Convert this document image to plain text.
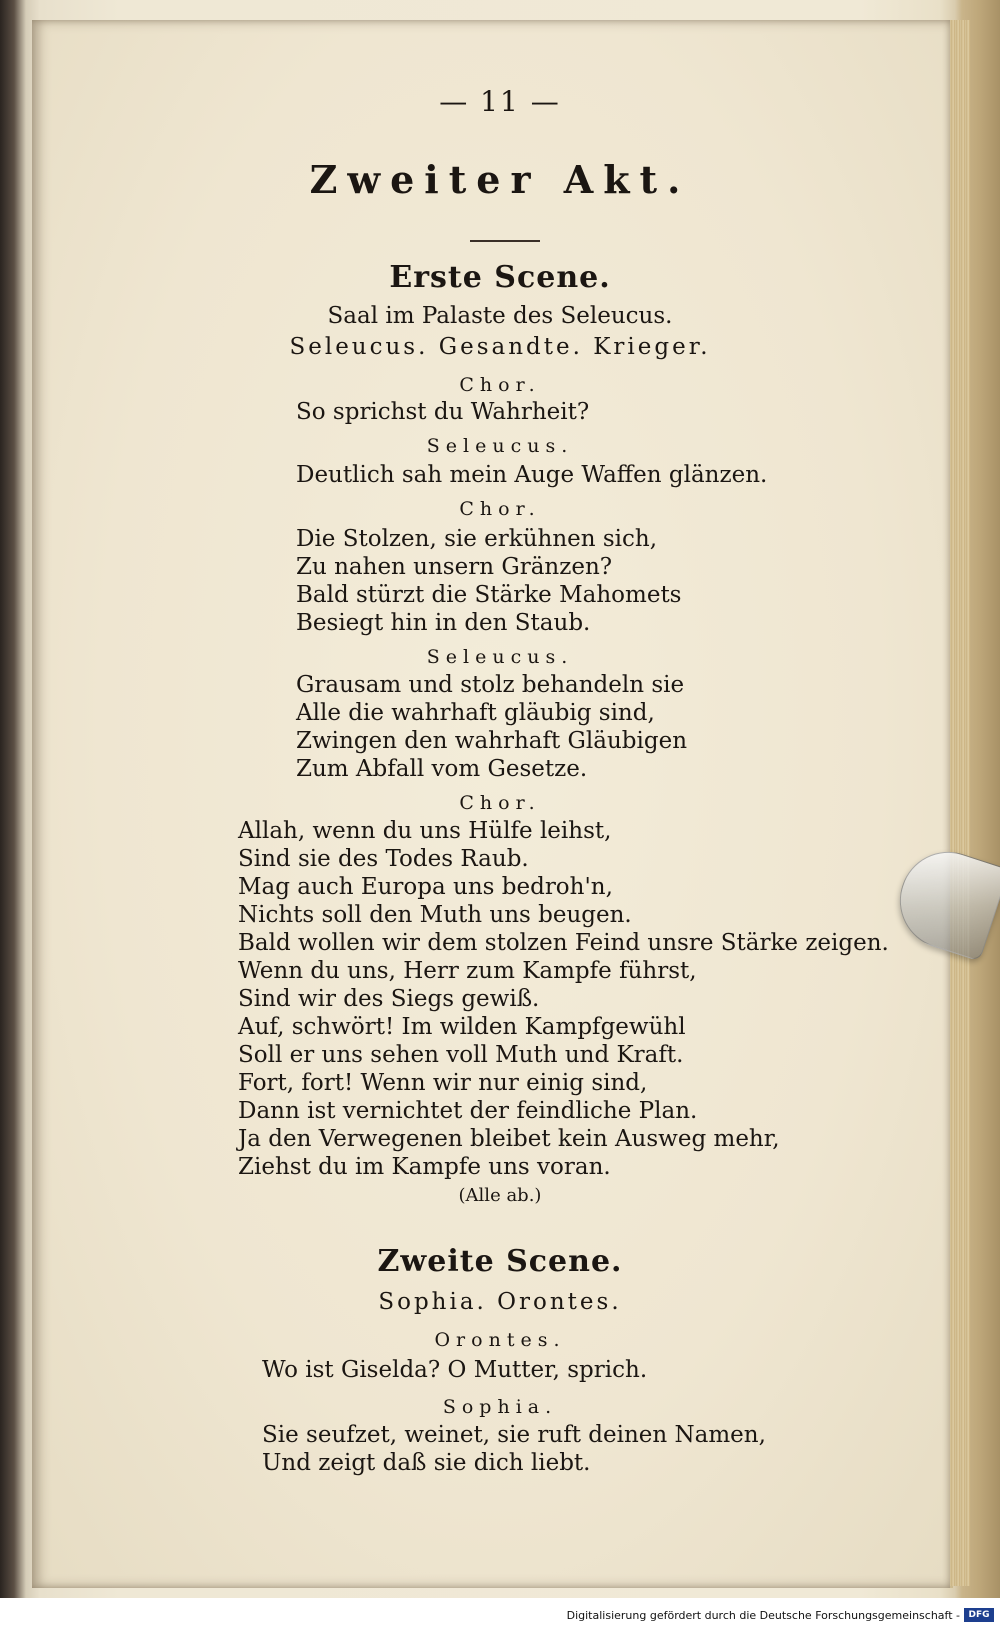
— 11 —
Zweiter Akt.
Erste Scene.
Saal im Palaste des Seleucus.
Seleucus. Gesandte. Krieger.
Chor.
So sprichst du Wahrheit?
Seleucus.
Deutlich sah mein Auge Waffen glänzen.
Chor.
Die Stolzen, sie erkühnen sich,
Zu nahen unsern Gränzen?
Bald stürzt die Stärke Mahomets
Besiegt hin in den Staub.
Seleucus.
Grausam und stolz behandeln sie
Alle die wahrhaft gläubig sind,
Zwingen den wahrhaft Gläubigen
Zum Abfall vom Gesetze.
Chor.
Allah, wenn du uns Hülfe leihst,
Sind sie des Todes Raub.
Mag auch Europa uns bedroh'n,
Nichts soll den Muth uns beugen.
Bald wollen wir dem stolzen Feind unsre Stärke zeigen.
Wenn du uns, Herr zum Kampfe führst,
Sind wir des Siegs gewiß.
Auf, schwört! Im wilden Kampfgewühl
Soll er uns sehen voll Muth und Kraft.
Fort, fort! Wenn wir nur einig sind,
Dann ist vernichtet der feindliche Plan.
Ja den Verwegenen bleibet kein Ausweg mehr,
Ziehst du im Kampfe uns voran.
(Alle ab.)
Zweite Scene.
Sophia. Orontes.
Orontes.
Wo ist Giselda? O Mutter, sprich.
Sophia.
Sie seufzet, weinet, sie ruft deinen Namen,
Und zeigt daß sie dich liebt.
Digitalisierung gefördert durch die Deutsche Forschungsgemeinschaft - DFG
